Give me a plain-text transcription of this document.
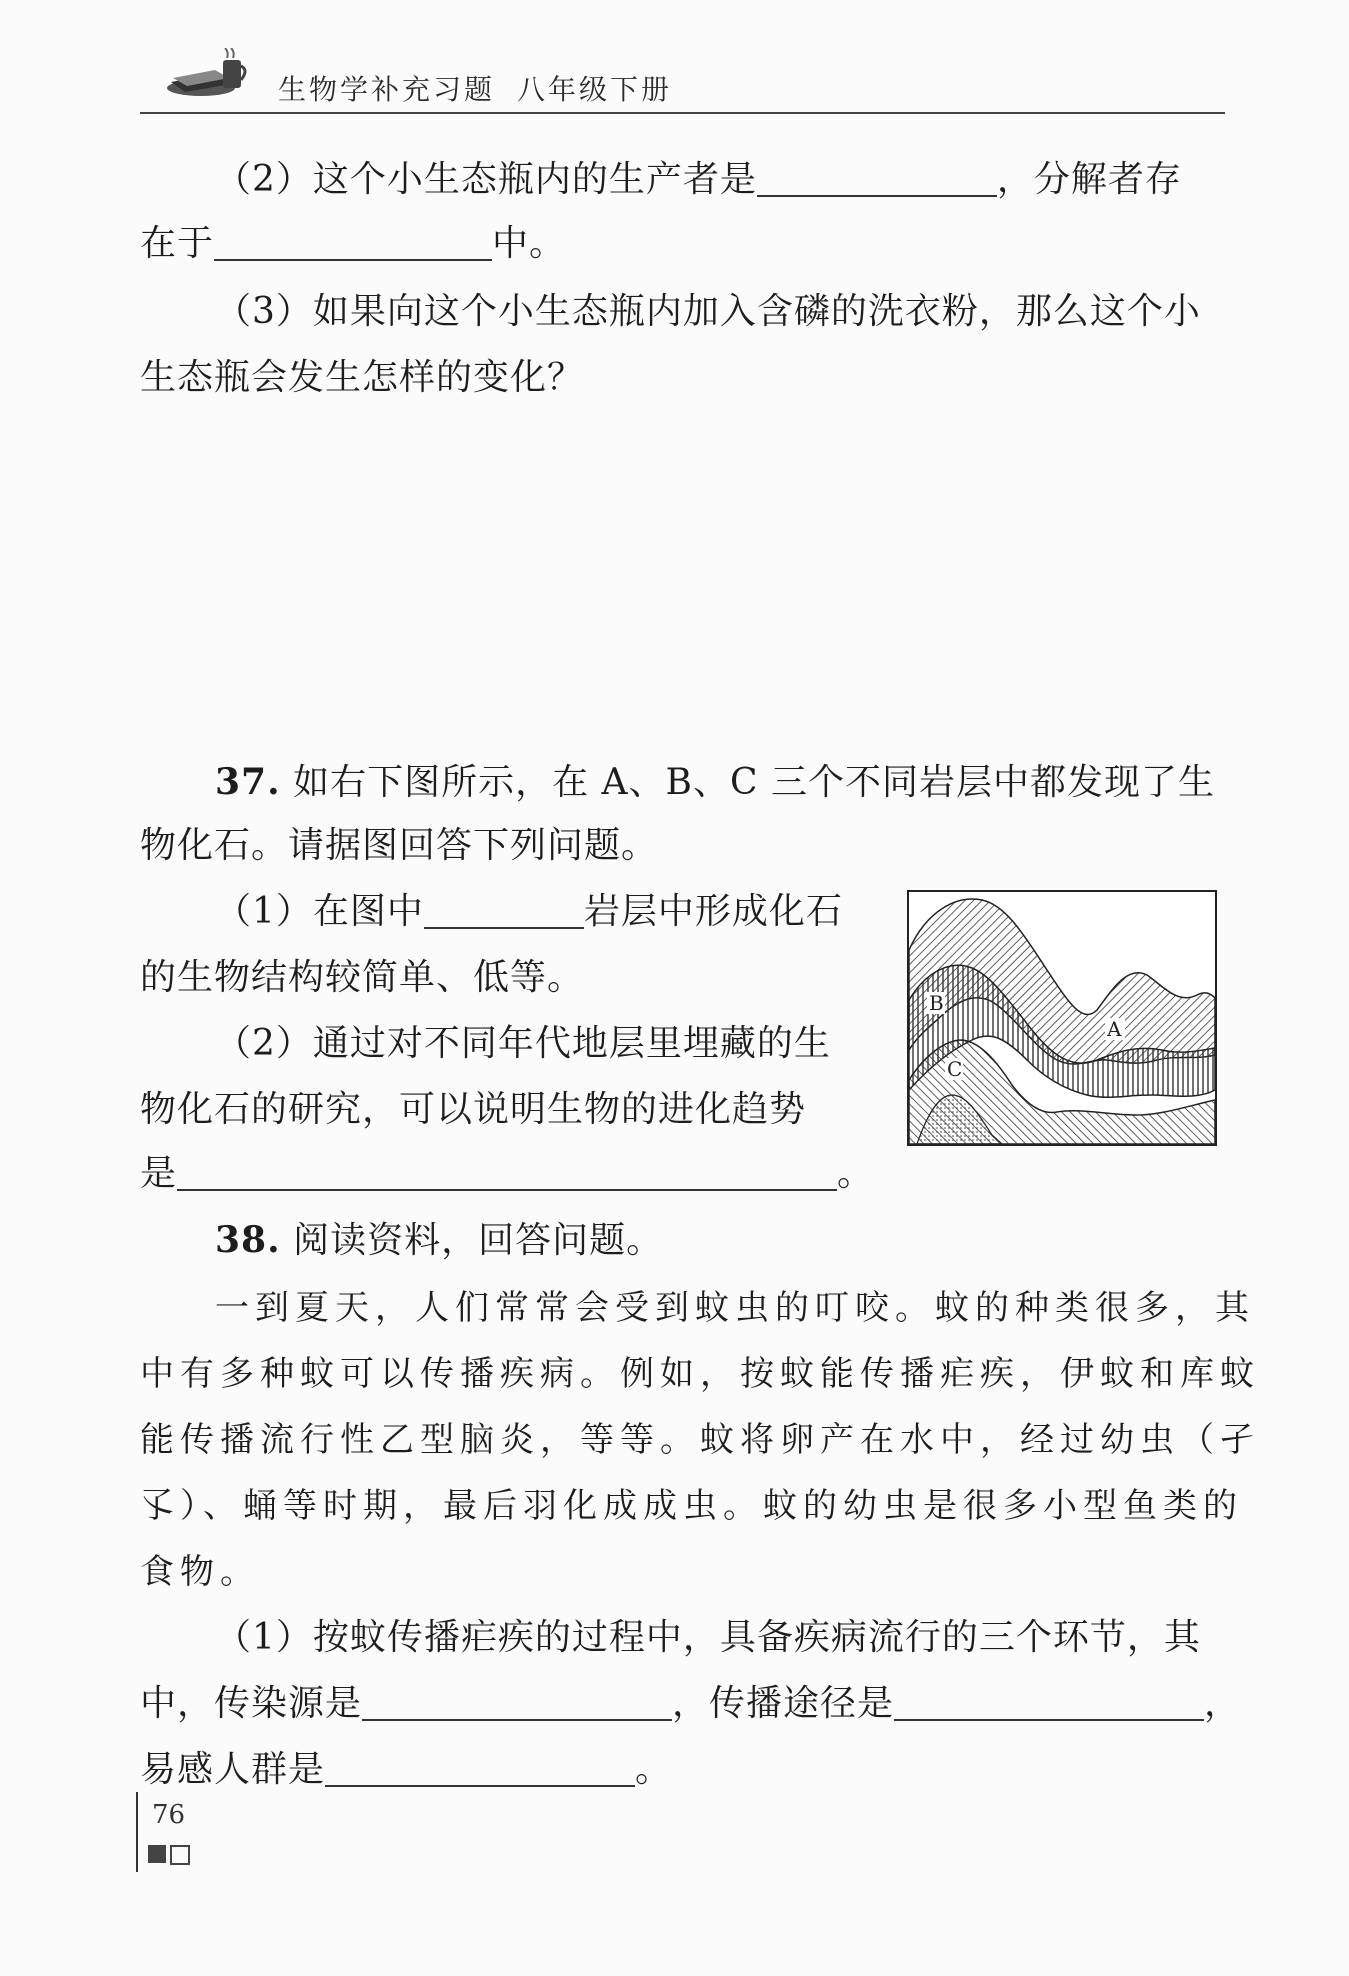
生物学补充习题 八年级下册
（2）这个小生态瓶内的生产者是	，分解者存
在于	中。
（3）如果向这个小生态瓶内加入含磷的洗衣粉，那么这个小
生态瓶会发生怎样的变化？
37. 如右下图所示，在 A、B、C 三个不同岩层中都发现了生
物化石。请据图回答下列问题。
（1）在图中	岩层中形成化石
的生物结构较简单、低等。
（2）通过对不同年代地层里埋藏的生
物化石的研究，可以说明生物的进化趋势
是	。
B
A
C
38. 阅读资料，回答问题。
一到夏天，人们常常会受到蚊虫的叮咬。蚊的种类很多，其
中有多种蚊可以传播疾病。例如，按蚊能传播疟疾，伊蚊和库蚊
能传播流行性乙型脑炎，等等。蚊将卵产在水中，经过幼虫（孑
孓）、蛹等时期，最后羽化成成虫。蚊的幼虫是很多小型鱼类的
食物。
（1）按蚊传播疟疾的过程中，具备疾病流行的三个环节，其
中，传染源是	，传播途径是	，
易感人群是	。
76
